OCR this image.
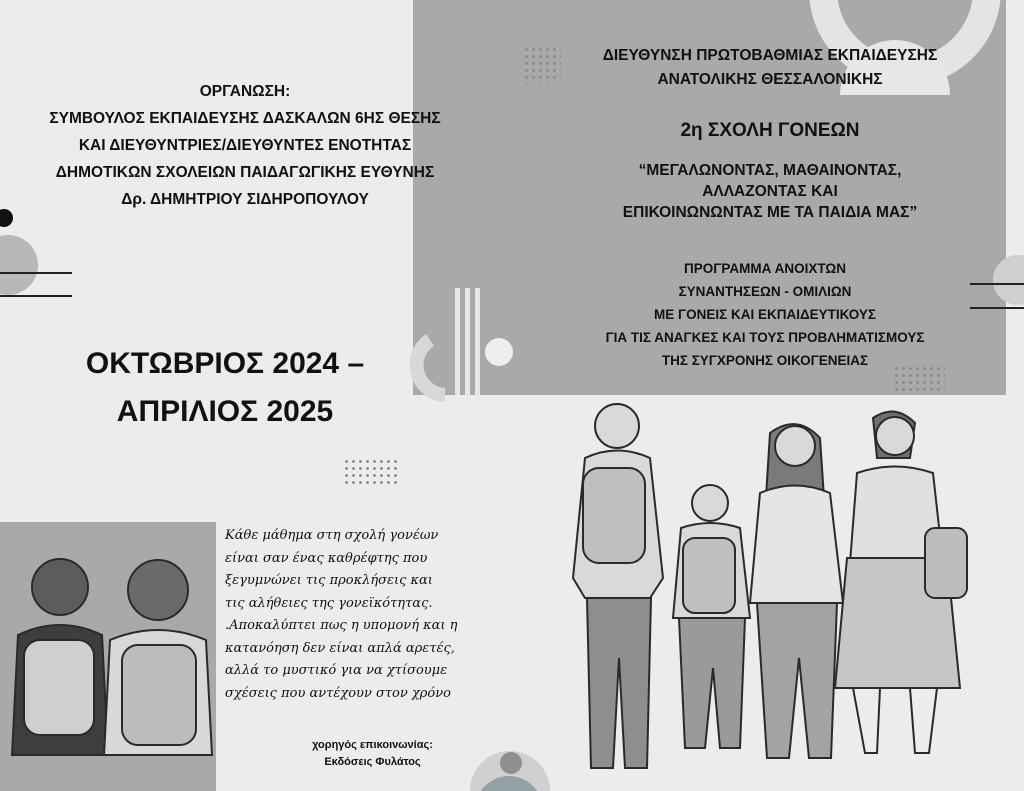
ΟΡΓΑΝΩΣΗ:
ΣΥΜΒΟΥΛΟΣ ΕΚΠΑΙΔΕΥΣΗΣ ΔΑΣΚΑΛΩΝ 6ΗΣ ΘΕΣΗΣ
ΚΑΙ ΔΙΕΥΘΥΝΤΡΙΕΣ/ΔΙΕΥΘΥΝΤΕΣ ΕΝΟΤΗΤΑΣ
ΔΗΜΟΤΙΚΩΝ ΣΧΟΛΕΙΩΝ ΠΑΙΔΑΓΩΓΙΚΗΣ ΕΥΘΥΝΗΣ
Δρ. ΔΗΜΗΤΡΙΟΥ ΣΙΔΗΡΟΠΟΥΛΟΥ
ΔΙΕΥΘΥΝΣΗ ΠΡΩΤΟΒΑΘΜΙΑΣ ΕΚΠΑΙΔΕΥΣΗΣ
ΑΝΑΤΟΛΙΚΗΣ ΘΕΣΣΑΛΟΝΙΚΗΣ
2η ΣΧΟΛΗ ΓΟΝΕΩΝ
“ΜΕΓΑΛΩΝΟΝΤΑΣ, ΜΑΘΑΙΝΟΝΤΑΣ,
ΑΛΛΑΖΟΝΤΑΣ ΚΑΙ
ΕΠΙΚΟΙΝΩΝΩΝΤΑΣ ΜΕ ΤΑ ΠΑΙΔΙΑ ΜΑΣ”
ΠΡΟΓΡΑΜΜΑ ΑΝΟΙΧΤΩΝ
ΣΥΝΑΝΤΗΣΕΩΝ - ΟΜΙΛΙΩΝ
ΜΕ ΓΟΝΕΙΣ ΚΑΙ ΕΚΠΑΙΔΕΥΤΙΚΟΥΣ
ΓΙΑ ΤΙΣ ΑΝΑΓΚΕΣ ΚΑΙ ΤΟΥΣ ΠΡΟΒΛΗΜΑΤΙΣΜΟΥΣ
ΤΗΣ ΣΥΓΧΡΟΝΗΣ ΟΙΚΟΓΕΝΕΙΑΣ
ΟΚΤΩΒΡΙΟΣ 2024 –
ΑΠΡΙΛΙΟΣ 2025
Κάθε μάθημα στη σχολή γονέων
είναι σαν ένας καθρέφτης που
ξεγυμνώνει τις προκλήσεις και
τις αλήθειες της γονεϊκότητας.
.Αποκαλύπτει πως η υπομονή και η
κατανόηση δεν είναι απλά αρετές,
αλλά το μυστικό για να χτίσουμε
σχέσεις που αντέχουν στον χρόνο
χορηγός επικοινωνίας:
Εκδόσεις Φυλάτος
